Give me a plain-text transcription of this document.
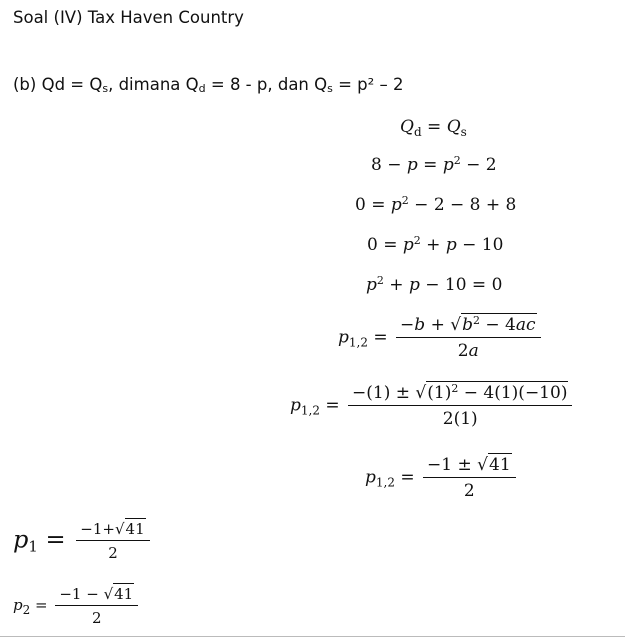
Soal (IV) Tax Haven Country
(b) Qd = Qs, dimana Qd = 8 - p, dan Qs = p² – 2
$Q_d = Q_s$
$8 - p = p^2 - 2$
$0 = p^2 - 2 - 8 + 8$
$0 = p^2 + p - 10$
$p^2 + p - 10 = 0$
$p_{1,2} = \frac{-b + √b^2 - 4ac}{2a}$
$p_{1,2} = \frac{-(1) \pm √(1)^2 - 4(1)(-10)}{2(1)}$
$p_{1,2} = \frac{-1 \pm √41}{2}$
$p1 = \frac{-1+√41}{2}$
$p_2 = \frac{-1 - √41}{2}$
